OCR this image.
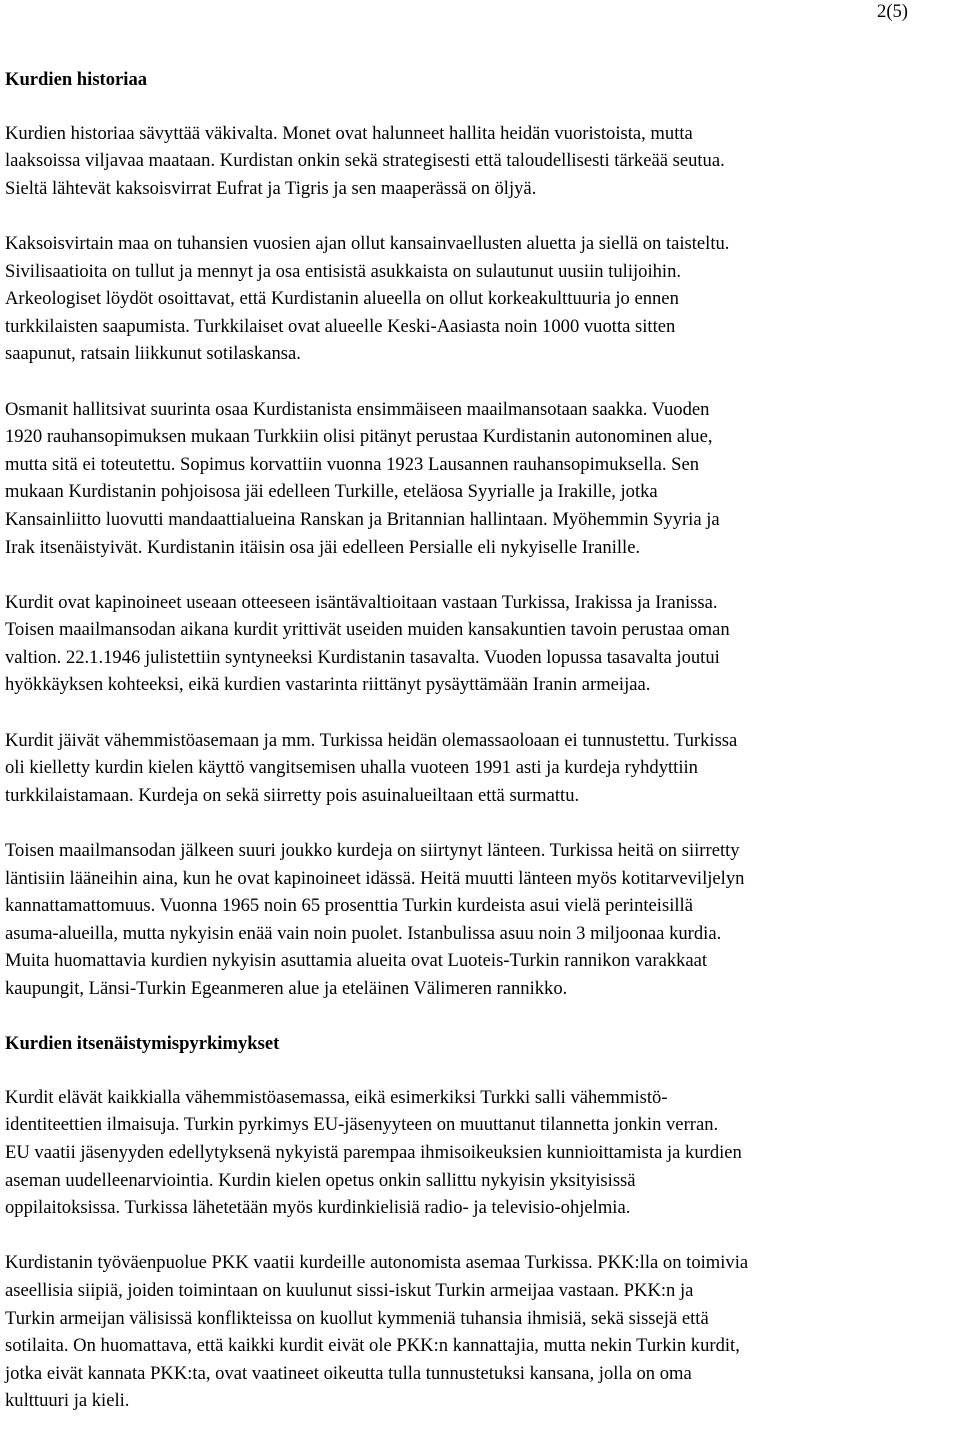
2(5)
Kurdien historiaa

Kurdien historiaa sävyttää väkivalta. Monet ovat halunneet hallita heidän vuoristoista, mutta
laaksoissa viljavaa maataan. Kurdistan onkin sekä strategisesti että taloudellisesti tärkeää seutua.
Sieltä lähtevät kaksoisvirrat Eufrat ja Tigris ja sen maaperässä on öljyä.

Kaksoisvirtain maa on tuhansien vuosien ajan ollut kansainvaellusten aluetta ja siellä on taisteltu.
Sivilisaatioita on tullut ja mennyt ja osa entisistä asukkaista on sulautunut uusiin tulijoihin.
Arkeologiset löydöt osoittavat, että Kurdistanin alueella on ollut korkeakulttuuria jo ennen
turkkilaisten saapumista. Turkkilaiset ovat alueelle Keski-Aasiasta noin 1000 vuotta sitten
saapunut, ratsain liikkunut sotilaskansa.

Osmanit hallitsivat suurinta osaa Kurdistanista ensimmäiseen maailmansotaan saakka. Vuoden
1920 rauhansopimuksen mukaan Turkkiin olisi pitänyt perustaa Kurdistanin autonominen alue,
mutta sitä ei toteutettu. Sopimus korvattiin vuonna 1923 Lausannen rauhansopimuksella. Sen
mukaan Kurdistanin pohjoisosa jäi edelleen Turkille, eteläosa Syyrialle ja Irakille, jotka
Kansainliitto luovutti mandaattialueina Ranskan ja Britannian hallintaan. Myöhemmin Syyria ja
Irak itsenäistyivät. Kurdistanin itäisin osa jäi edelleen Persialle eli nykyiselle Iranille.

Kurdit ovat kapinoineet useaan otteeseen isäntävaltioitaan vastaan Turkissa, Irakissa ja Iranissa.
Toisen maailmansodan aikana kurdit yrittivät useiden muiden kansakuntien tavoin perustaa oman
valtion. 22.1.1946 julistettiin syntyneeksi Kurdistanin tasavalta. Vuoden lopussa tasavalta joutui
hyökkäyksen kohteeksi, eikä kurdien vastarinta riittänyt pysäyttämään Iranin armeijaa.

Kurdit jäivät vähemmistöasemaan ja mm. Turkissa heidän olemassaoloaan ei tunnustettu. Turkissa
oli kielletty kurdin kielen käyttö vangitsemisen uhalla vuoteen 1991 asti ja kurdeja ryhdyttiin
turkkilaistamaan. Kurdeja on sekä siirretty pois asuinalueiltaan että surmattu.

Toisen maailmansodan jälkeen suuri joukko kurdeja on siirtynyt länteen. Turkissa heitä on siirretty
läntisiin lääneihin aina, kun he ovat kapinoineet idässä. Heitä muutti länteen myös kotitarveviljelyn
kannattamattomuus. Vuonna 1965 noin 65 prosenttia Turkin kurdeista asui vielä perinteisillä
asuma-alueilla, mutta nykyisin enää vain noin puolet. Istanbulissa asuu noin 3 miljoonaa kurdia.
Muita huomattavia kurdien nykyisin asuttamia alueita ovat Luoteis-Turkin rannikon varakkaat
kaupungit, Länsi-Turkin Egeanmeren alue ja eteläinen Välimeren rannikko.

Kurdien itsenäistymispyrkimykset

Kurdit elävät kaikkialla vähemmistöasemassa, eikä esimerkiksi Turkki salli vähemmistö-
identiteettien ilmaisuja. Turkin pyrkimys EU-jäsenyyteen on muuttanut tilannetta jonkin verran.
EU vaatii jäsenyyden edellytyksenä nykyistä parempaa ihmisoikeuksien kunnioittamista ja kurdien
aseman uudelleenarviointia. Kurdin kielen opetus onkin sallittu nykyisin yksityisissä
oppilaitoksissa. Turkissa lähetetään myös kurdinkielisiä radio- ja televisio-ohjelmia.

Kurdistanin työväenpuolue PKK vaatii kurdeille autonomista asemaa Turkissa. PKK:lla on toimivia
aseellisia siipiä, joiden toimintaan on kuulunut sissi-iskut Turkin armeijaa vastaan. PKK:n ja
Turkin armeijan välisissä konflikteissa on kuollut kymmeniä tuhansia ihmisiä, sekä sissejä että
sotilaita. On huomattava, että kaikki kurdit eivät ole PKK:n kannattajia, mutta nekin Turkin kurdit,
jotka eivät kannata PKK:ta, ovat vaatineet oikeutta tulla tunnustetuksi kansana, jolla on oma
kulttuuri ja kieli.
